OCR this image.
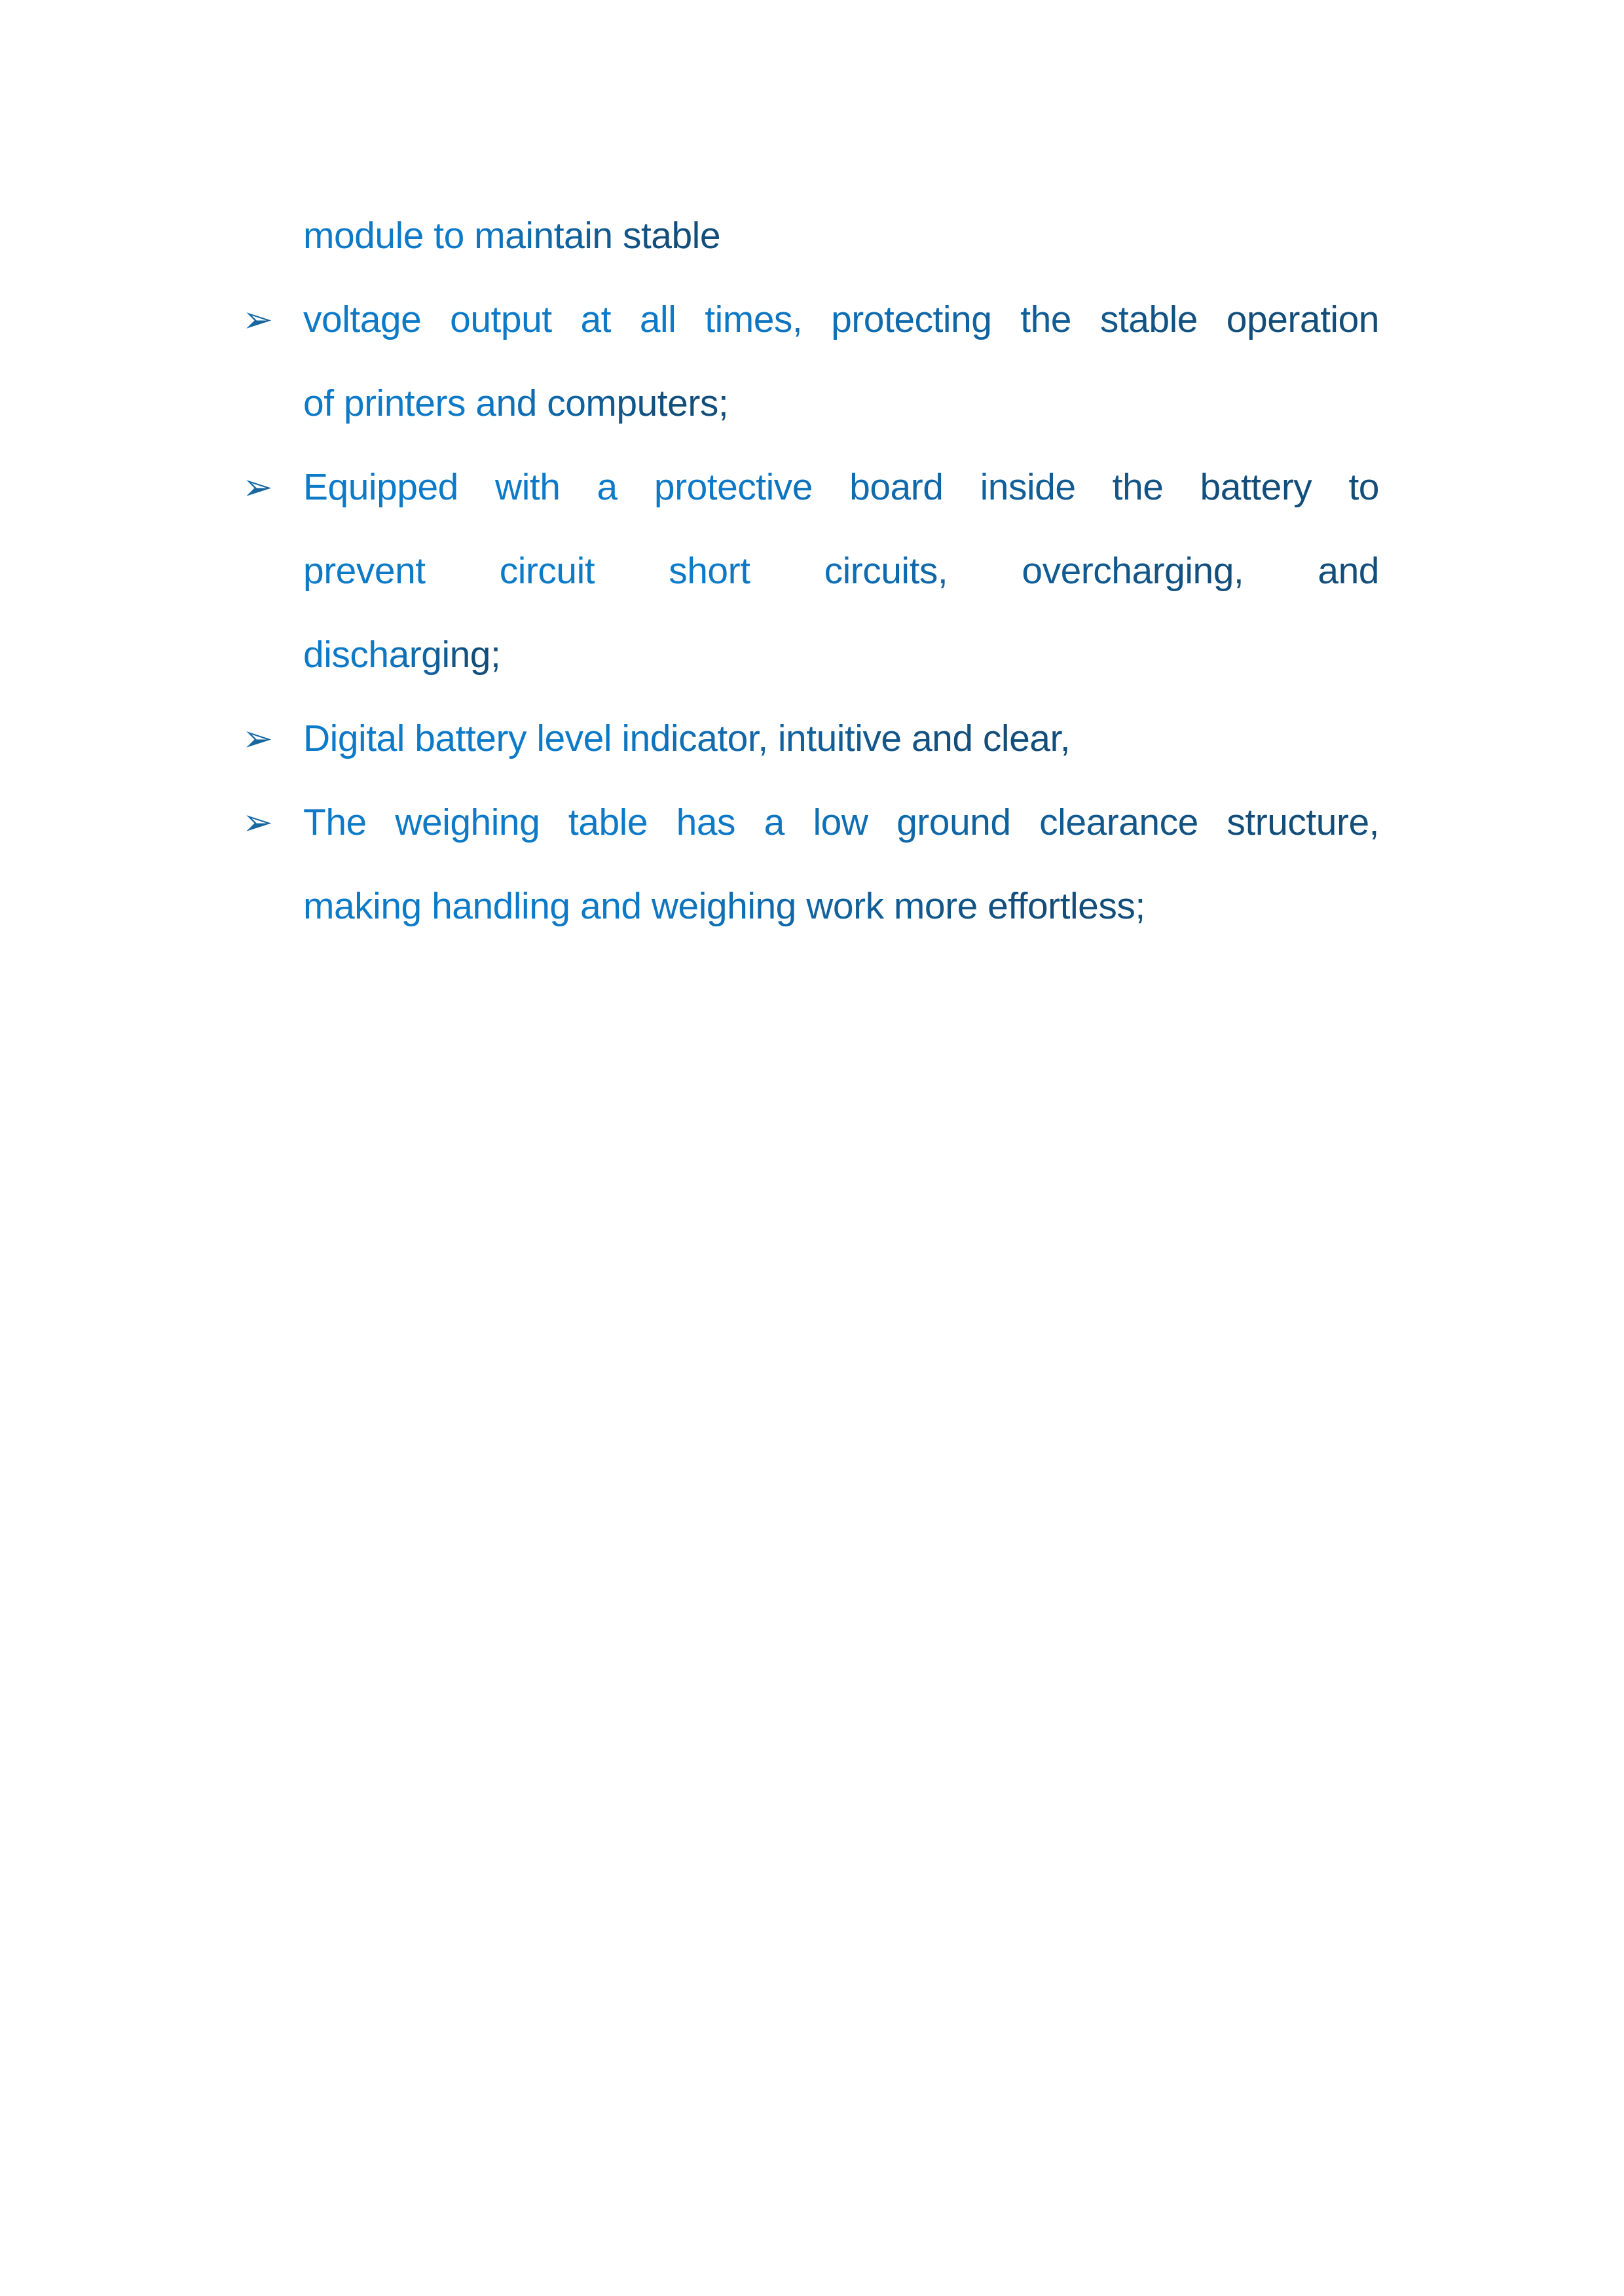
module to maintain stable
➢ voltage output at all times, protecting the stable operation
of printers and computers;
➢ Equipped with a protective board inside the battery to
prevent circuit short circuits, overcharging, and
discharging;
➢ Digital battery level indicator, intuitive and clear,
➢ The weighing table has a low ground clearance structure,
making handling and weighing work more effortless;
